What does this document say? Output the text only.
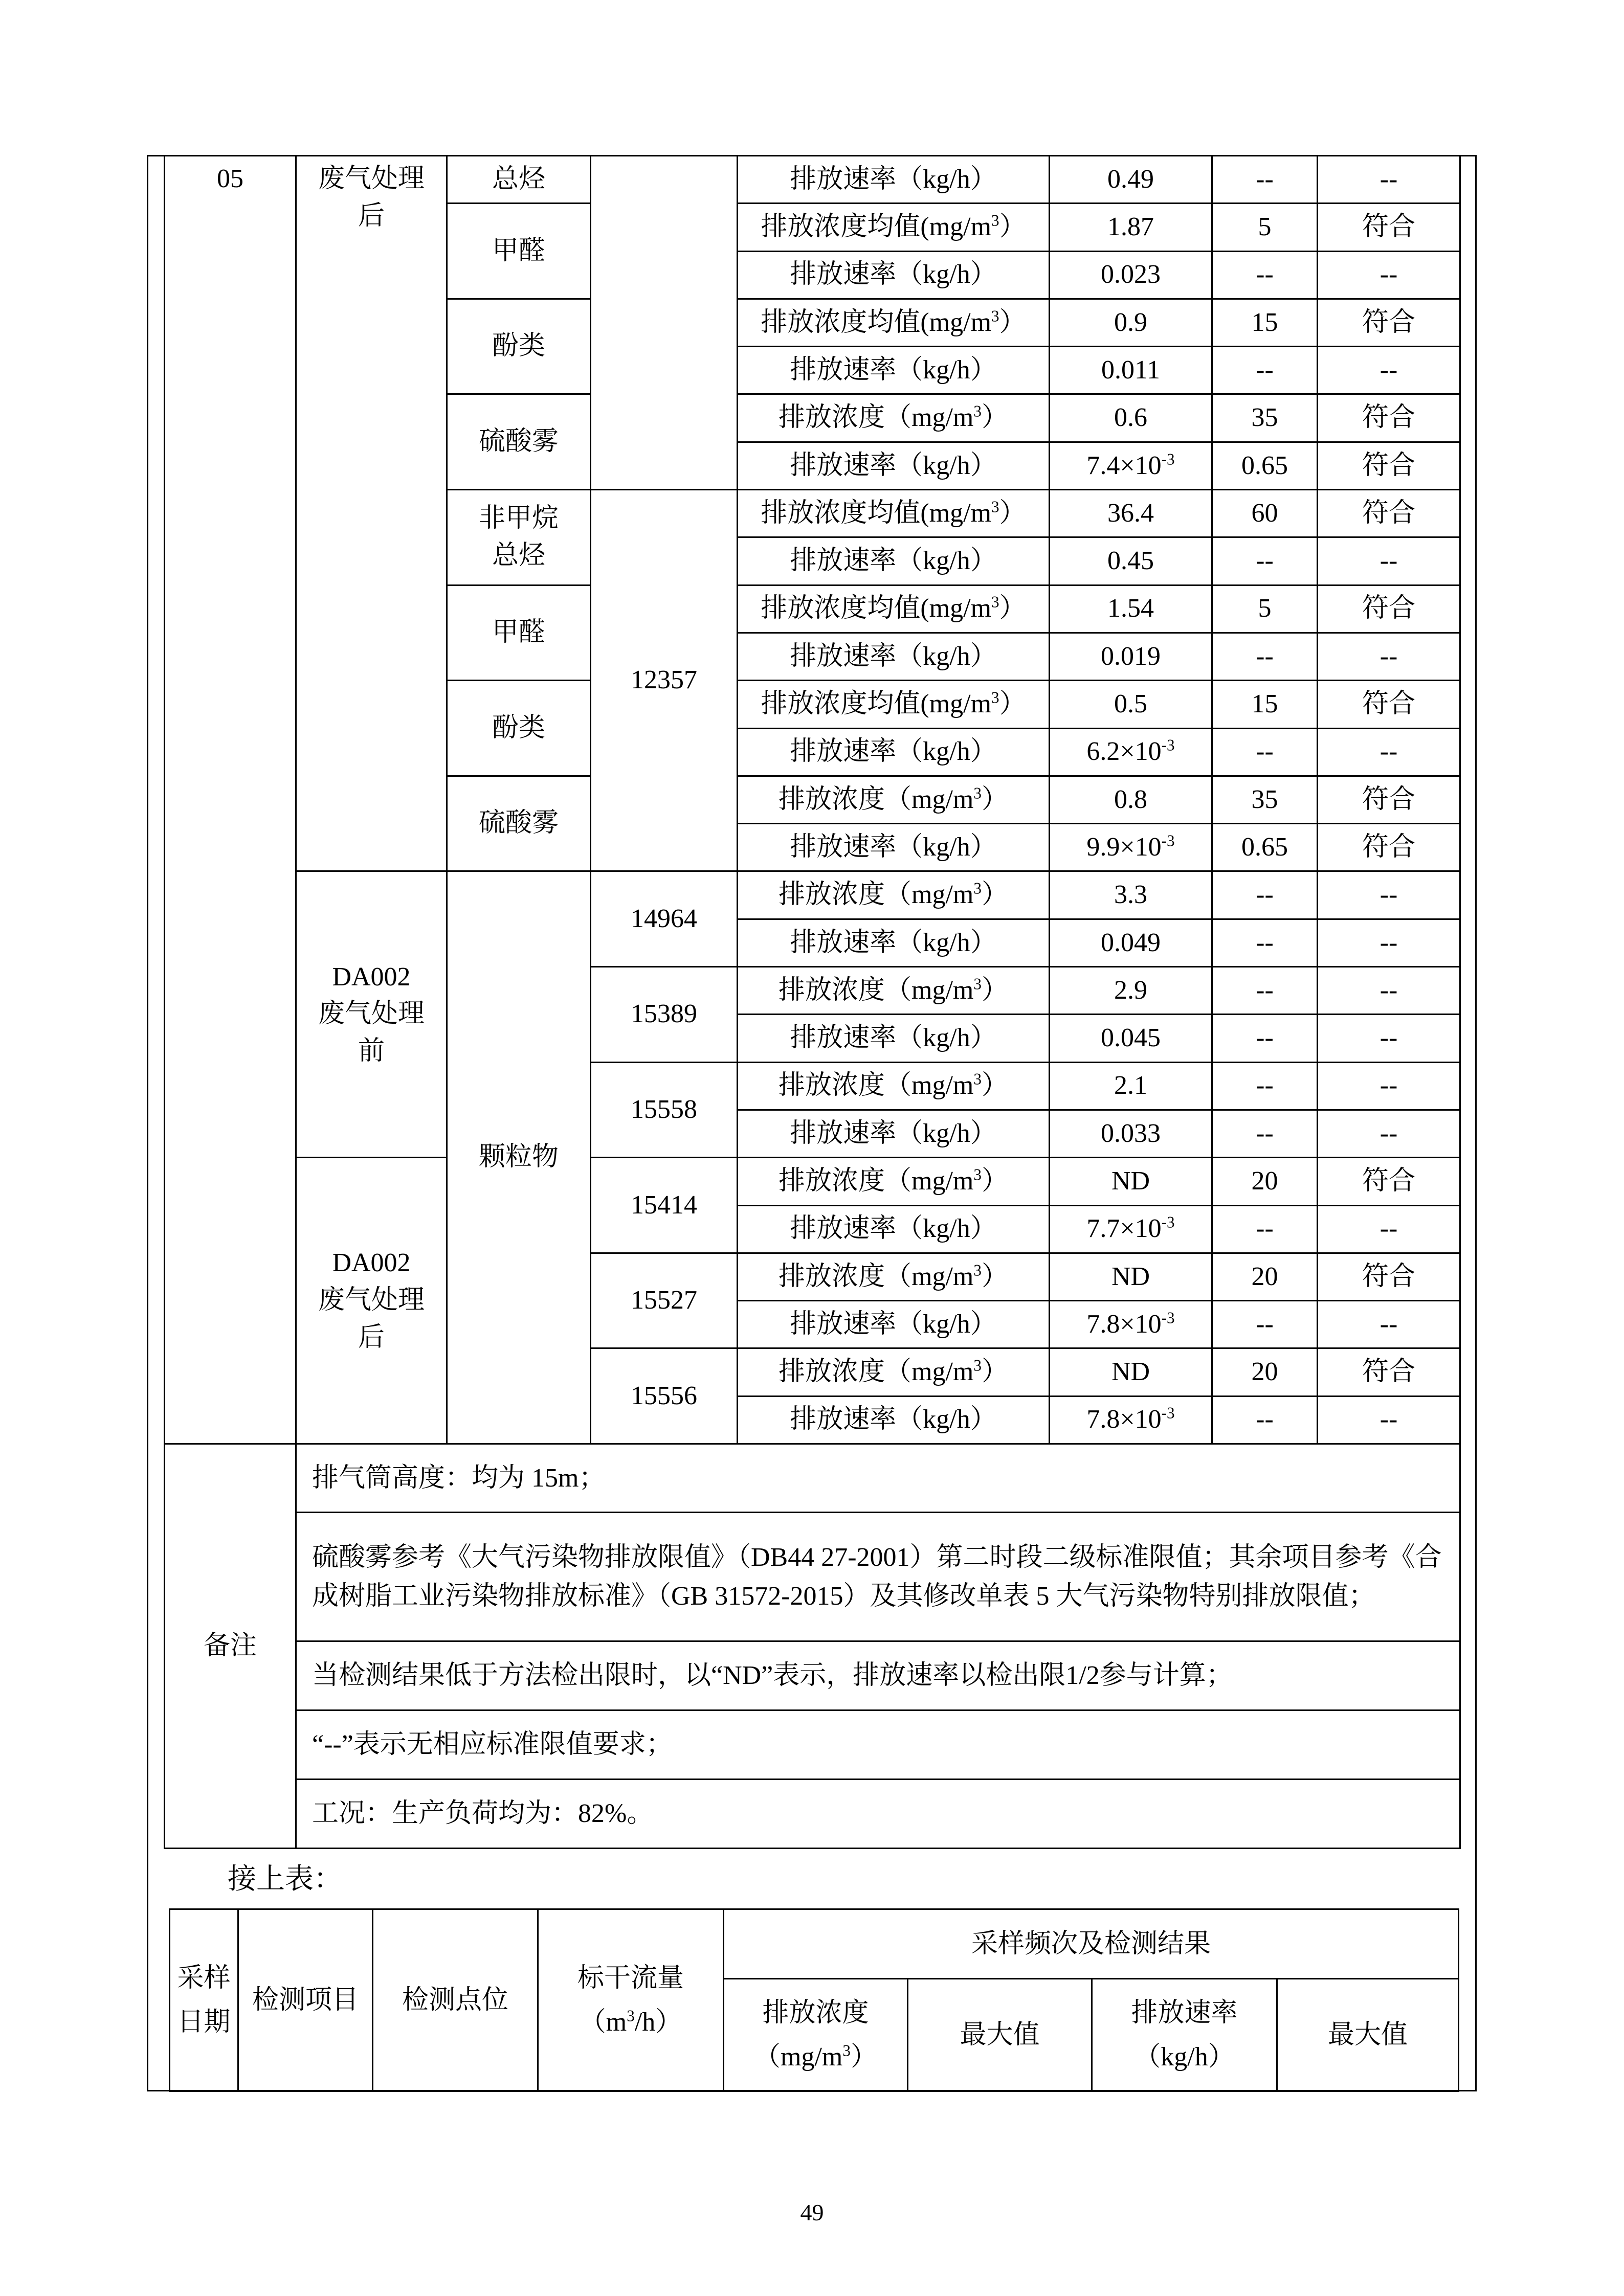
05	废气处理
后	总烃		排放速率（kg/h）	0.49	--	--
甲醛	排放浓度均值$(mg/m^3)$	1.87	5	符合
排放速率（kg/h）	0.023	--	--
酚类	排放浓度均值$(mg/m^3)$	0.9	15	符合
排放速率（kg/h）	0.011	--	--
硫酸雾	排放浓度$(mg/m^3)$	0.6	35	符合
排放速率（kg/h）	$7.4\times 10^{-3}$	0.65	符合
非甲烷
总烃	12357	排放浓度均值$(mg/m^3)$	36.4	60	符合
排放速率（kg/h）	0.45	--	--
甲醛	排放浓度均值$(mg/m^3)$	1.54	5	符合
排放速率（kg/h）	0.019	--	--
酚类	排放浓度均值$(mg/m^3)$	0.5	15	符合
排放速率（kg/h）	$6.2\times 10^{-3}$	--	--
硫酸雾	排放浓度$(mg/m^3)$	0.8	35	符合
排放速率（kg/h）	$9.9\times 10^{-3}$	0.65	符合
DA002
废气处理
前	颗粒物	14964	排放浓度$(mg/m^3)$	3.3	--	--
排放速率（kg/h）	0.049	--	--
15389	排放浓度$(mg/m^3)$	2.9	--	--
排放速率（kg/h）	0.045	--	--
15558	排放浓度$(mg/m^3)$	2.1	--	--
排放速率（kg/h）	0.033	--	--
DA002
废气处理
后	15414	排放浓度$(mg/m^3)$	ND	20	符合
排放速率（kg/h）	$7.7\times 10^{-3}$	--	--
15527	排放浓度$(mg/m^3)$	ND	20	符合
排放速率（kg/h）	$7.8\times 10^{-3}$	--	--
15556	排放浓度$(mg/m^3)$	ND	20	符合
排放速率（kg/h）	$7.8\times 10^{-3}$	--	--
备注	排气筒高度：均为 15m；
硫酸雾参考《大气污染物排放限值》（DB44 27-2001）第二时段二级标准限值；其余项目参考《合成树脂工业污染物排放标准》（GB 31572-2015）及其修改单表 5 大气污染物特别排放限值；
当检测结果低于方法检出限时，以“ND”表示，排放速率以检出限1/2参与计算；
“--”表示无相应标准限值要求；
工况：生产负荷均为：82%。
接上表：
采样
日期	检测项目	检测点位	标干流量
$(m^3/h)$	采样频次及检测结果
排放浓度
$(mg/m^3)$	最大值	排放速率
（kg/h）	最大值
49
